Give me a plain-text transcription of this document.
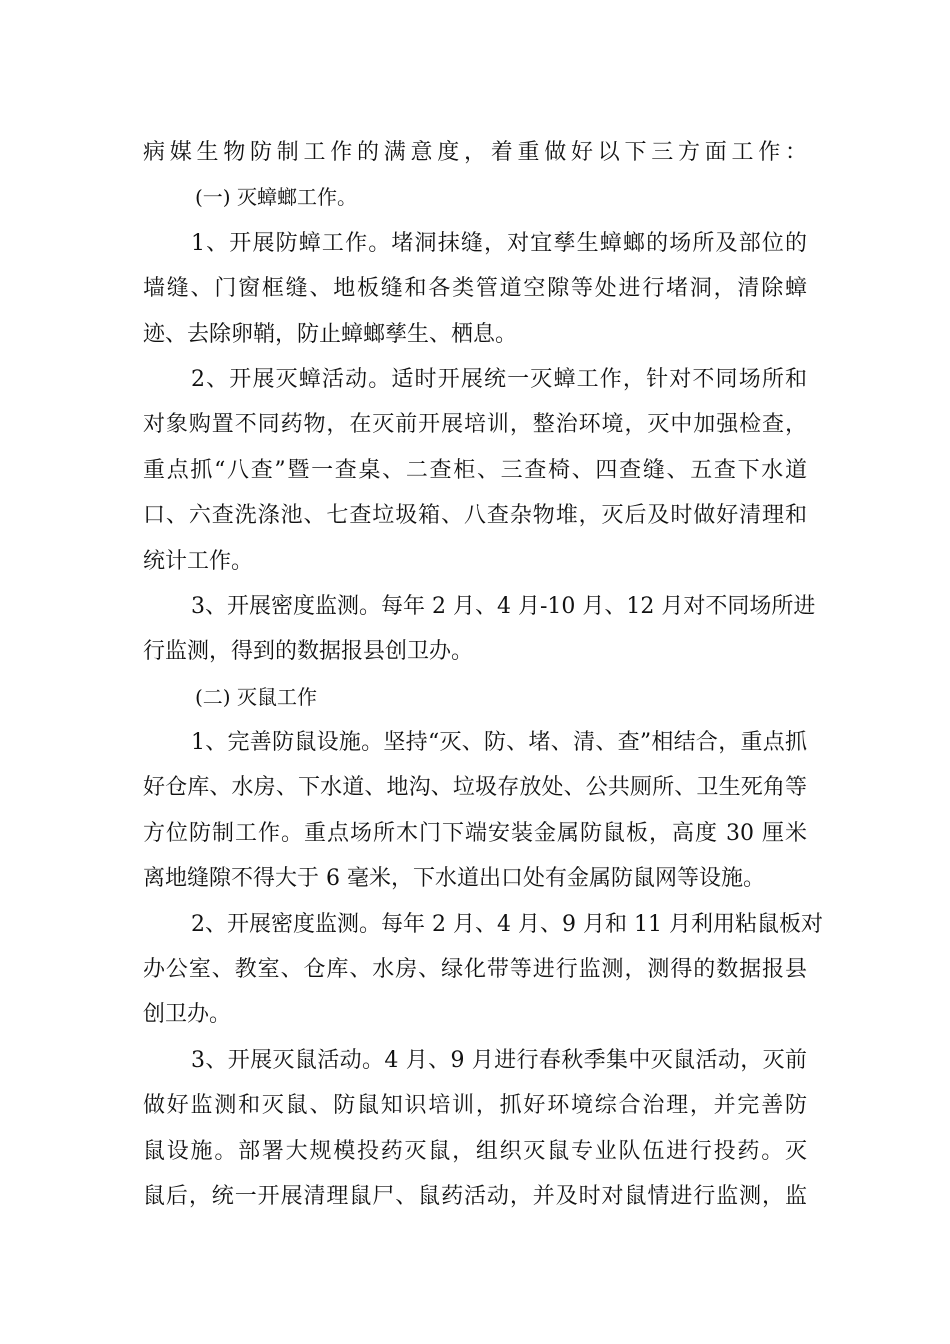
病媒生物防制工作的满意度，着重做好以下三方面工作：
(一) 灭蟑螂工作。
1、开展防蟑工作。堵洞抹缝，对宜孳生蟑螂的场所及部位的
墙缝、门窗框缝、地板缝和各类管道空隙等处进行堵洞，清除蟑
迹、去除卵鞘，防止蟑螂孳生、栖息。
2、开展灭蟑活动。适时开展统一灭蟑工作，针对不同场所和
对象购置不同药物，在灭前开展培训，整治环境，灭中加强检查，
重点抓“八查”暨一查桌、二查柜、三查椅、四查缝、五查下水道
口、六查洗涤池、七查垃圾箱、八查杂物堆，灭后及时做好清理和
统计工作。
3、开展密度监测。每年 2 月、4 月-10 月、12 月对不同场所进
行监测，得到的数据报县创卫办。
(二) 灭鼠工作
1、完善防鼠设施。坚持“灭、防、堵、清、查”相结合，重点抓
好仓库、水房、下水道、地沟、垃圾存放处、公共厕所、卫生死角等
方位防制工作。重点场所木门下端安装金属防鼠板，高度 30 厘米
离地缝隙不得大于 6 毫米，下水道出口处有金属防鼠网等设施。
2、开展密度监测。每年 2 月、4 月、9 月和 11 月利用粘鼠板对
办公室、教室、仓库、水房、绿化带等进行监测，测得的数据报县
创卫办。
3、开展灭鼠活动。4 月、9 月进行春秋季集中灭鼠活动，灭前
做好监测和灭鼠、防鼠知识培训，抓好环境综合治理，并完善防
鼠设施。部署大规模投药灭鼠，组织灭鼠专业队伍进行投药。灭
鼠后，统一开展清理鼠尸、鼠药活动，并及时对鼠情进行监测，监
